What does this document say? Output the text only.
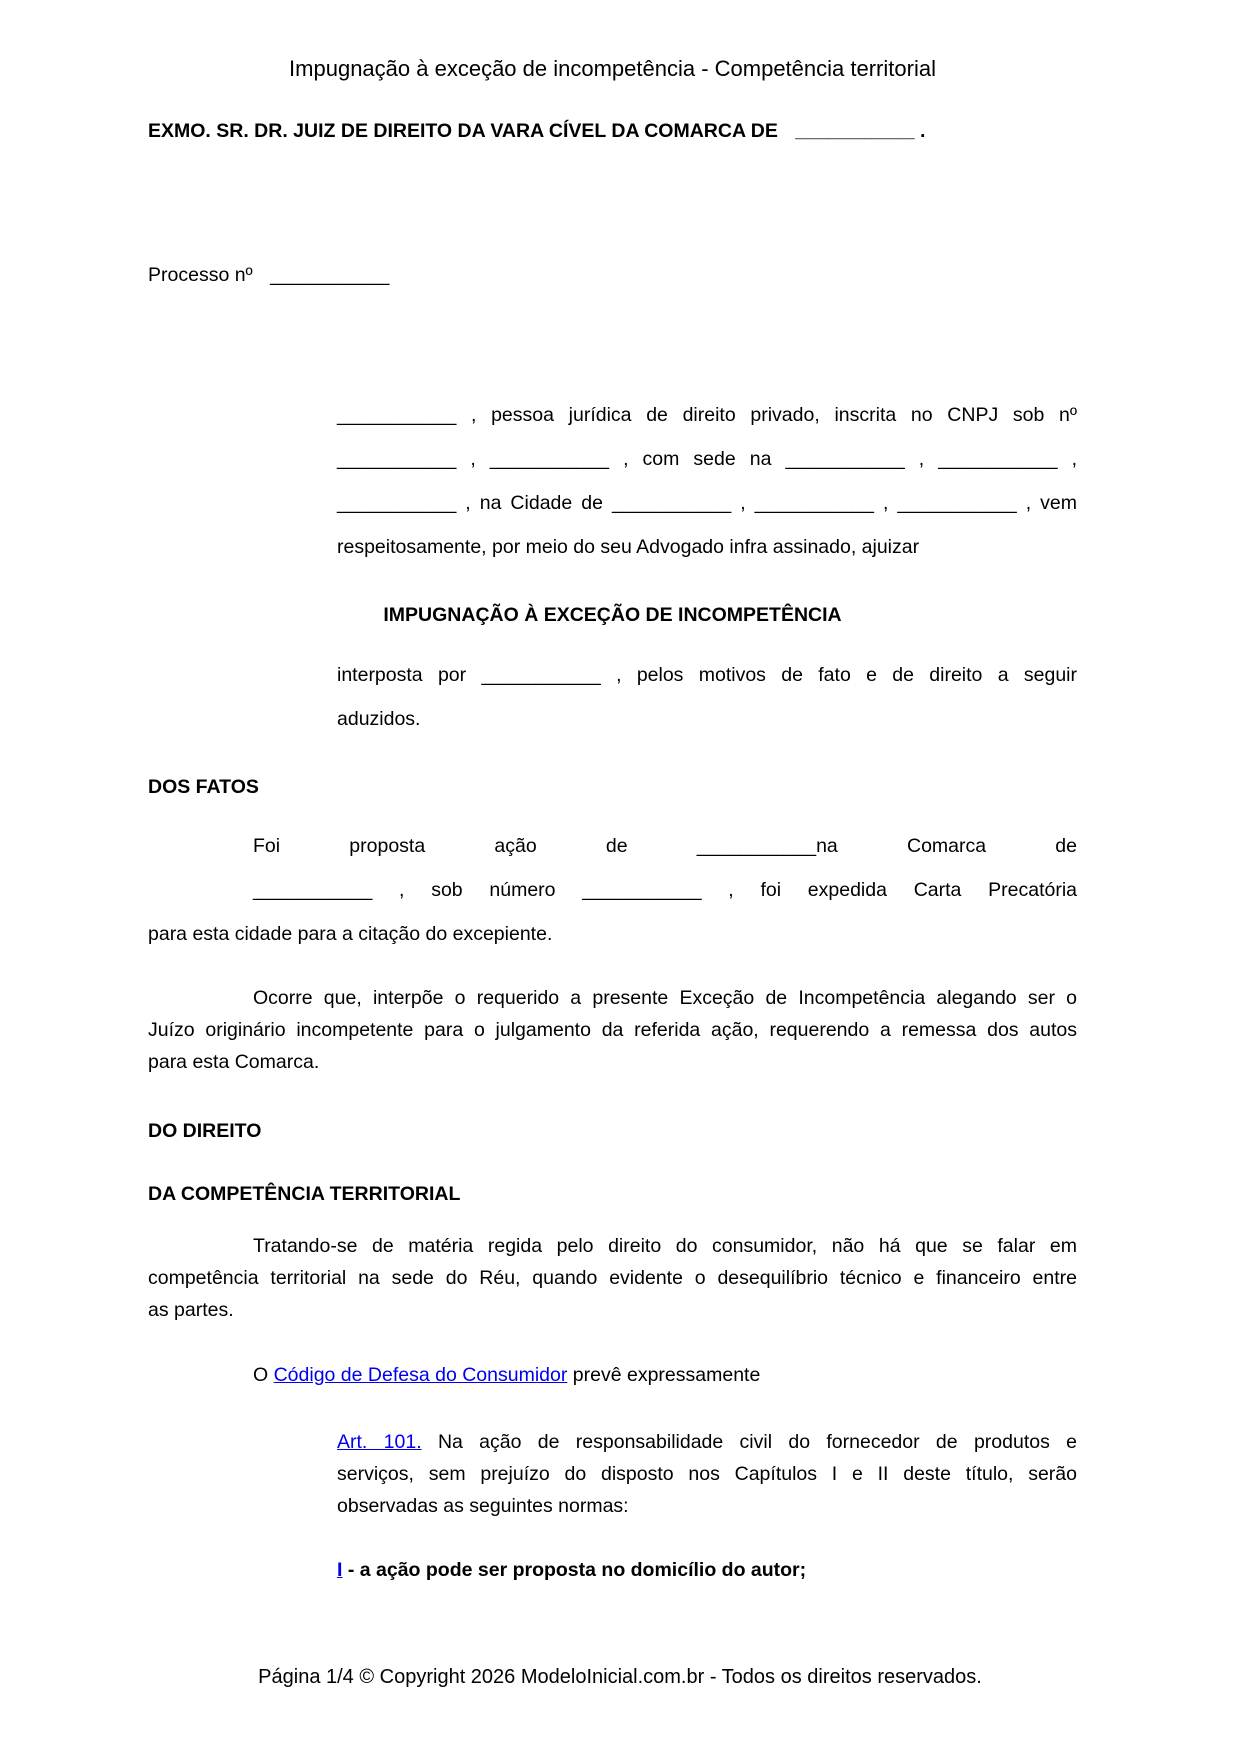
Impugnação à exceção de incompetência - Competência territorial
EXMO. SR. DR. JUIZ DE DIREITO DA VARA CÍVEL DA COMARCA DE ___________ .
Processo nº ___________
___________ , pessoa jurídica de direito privado, inscrita no CNPJ sob nº
___________ , ___________ , com sede na ___________ , ___________ ,
___________ , na Cidade de ___________ , ___________ , ___________ , vem
respeitosamente, por meio do seu Advogado infra assinado, ajuizar
IMPUGNAÇÃO À EXCEÇÃO DE INCOMPETÊNCIA
interposta por ___________ , pelos motivos de fato e de direito a seguir
aduzidos.
DOS FATOS
Foi proposta ação de ___________na Comarca de
___________ , sob número ___________ , foi expedida Carta Precatória
para esta cidade para a citação do excepiente.
Ocorre que, interpõe o requerido a presente Exceção de Incompetência alegando ser o
Juízo originário incompetente para o julgamento da referida ação, requerendo a remessa dos autos
para esta Comarca.
DO DIREITO
DA COMPETÊNCIA TERRITORIAL
Tratando-se de matéria regida pelo direito do consumidor, não há que se falar em
competência territorial na sede do Réu, quando evidente o desequilíbrio técnico e financeiro entre
as partes.
O Código de Defesa do Consumidor prevê expressamente
Art. 101. Na ação de responsabilidade civil do fornecedor de produtos e
serviços, sem prejuízo do disposto nos Capítulos I e II deste título, serão
observadas as seguintes normas:
I - a ação pode ser proposta no domicílio do autor;
Página 1/4 © Copyright 2026 ModeloInicial.com.br - Todos os direitos reservados.
